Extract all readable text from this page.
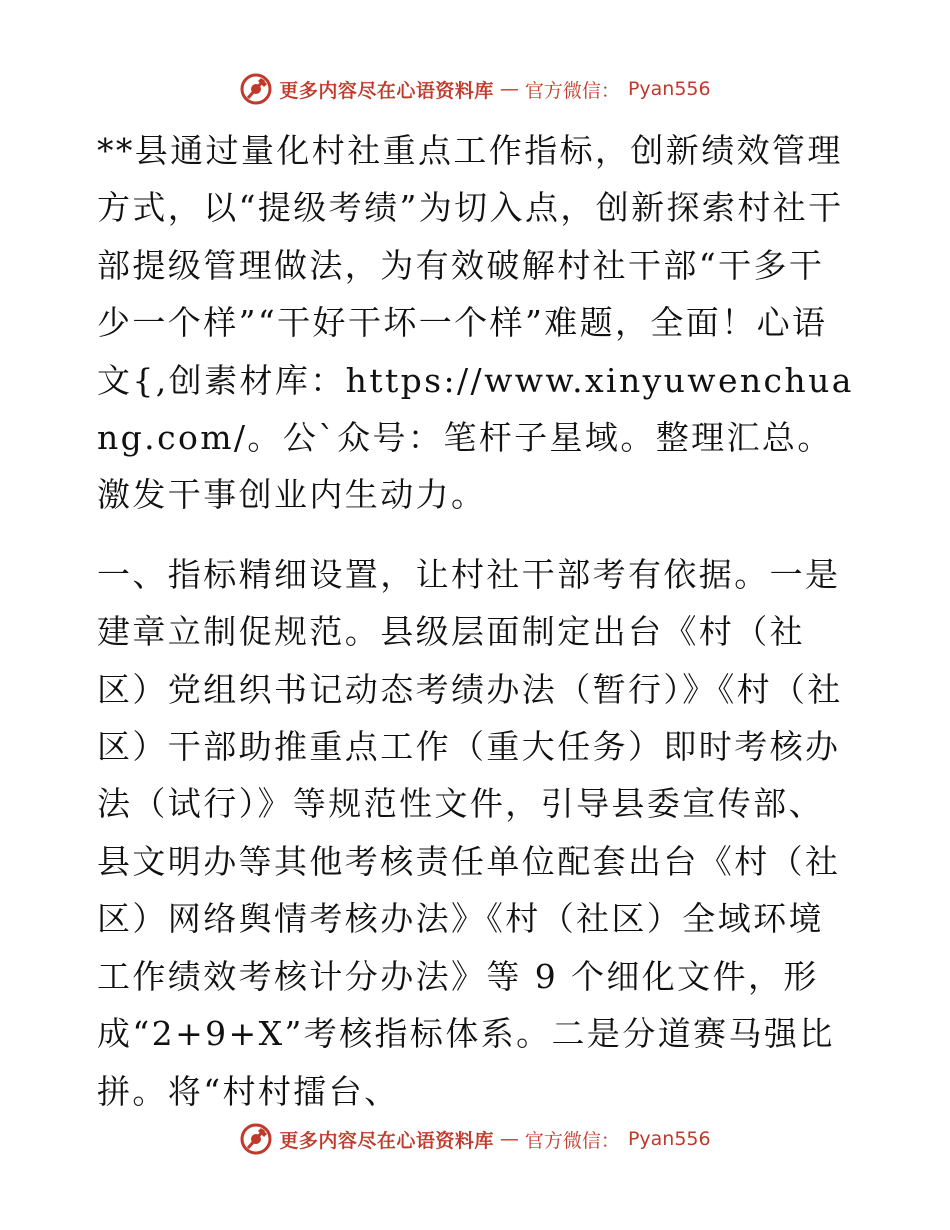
更多内容尽在心语资料库 — 官方微信： Pyan556

**县通过量化村社重点工作指标，创新绩效管理方式，以“提级考绩”为切入点，创新探索村社干部提级管理做法，为有效破解村社干部“干多干少一个样”“干好干坏一个样”难题，全面！心语文{,创素材库：https://www.xinyuwenchuang.com/。公`众号：笔杆子星域。整理汇总。激发干事创业内生动力。

一、指标精细设置，让村社干部考有依据。一是建章立制促规范。县级层面制定出台《村（社区）党组织书记动态考绩办法（暂行）》《村（社区）干部助推重点工作（重大任务）即时考核办法（试行）》等规范性文件，引导县委宣传部、县文明办等其他考核责任单位配套出台《村（社区）网络舆情考核办法》《村（社区）全域环境工作绩效考核计分办法》等 9 个细化文件，形成“2+9+X”考核指标体系。二是分道赛马强比拼。将“村村擂台、

更多内容尽在心语资料库 — 官方微信： Pyan556
